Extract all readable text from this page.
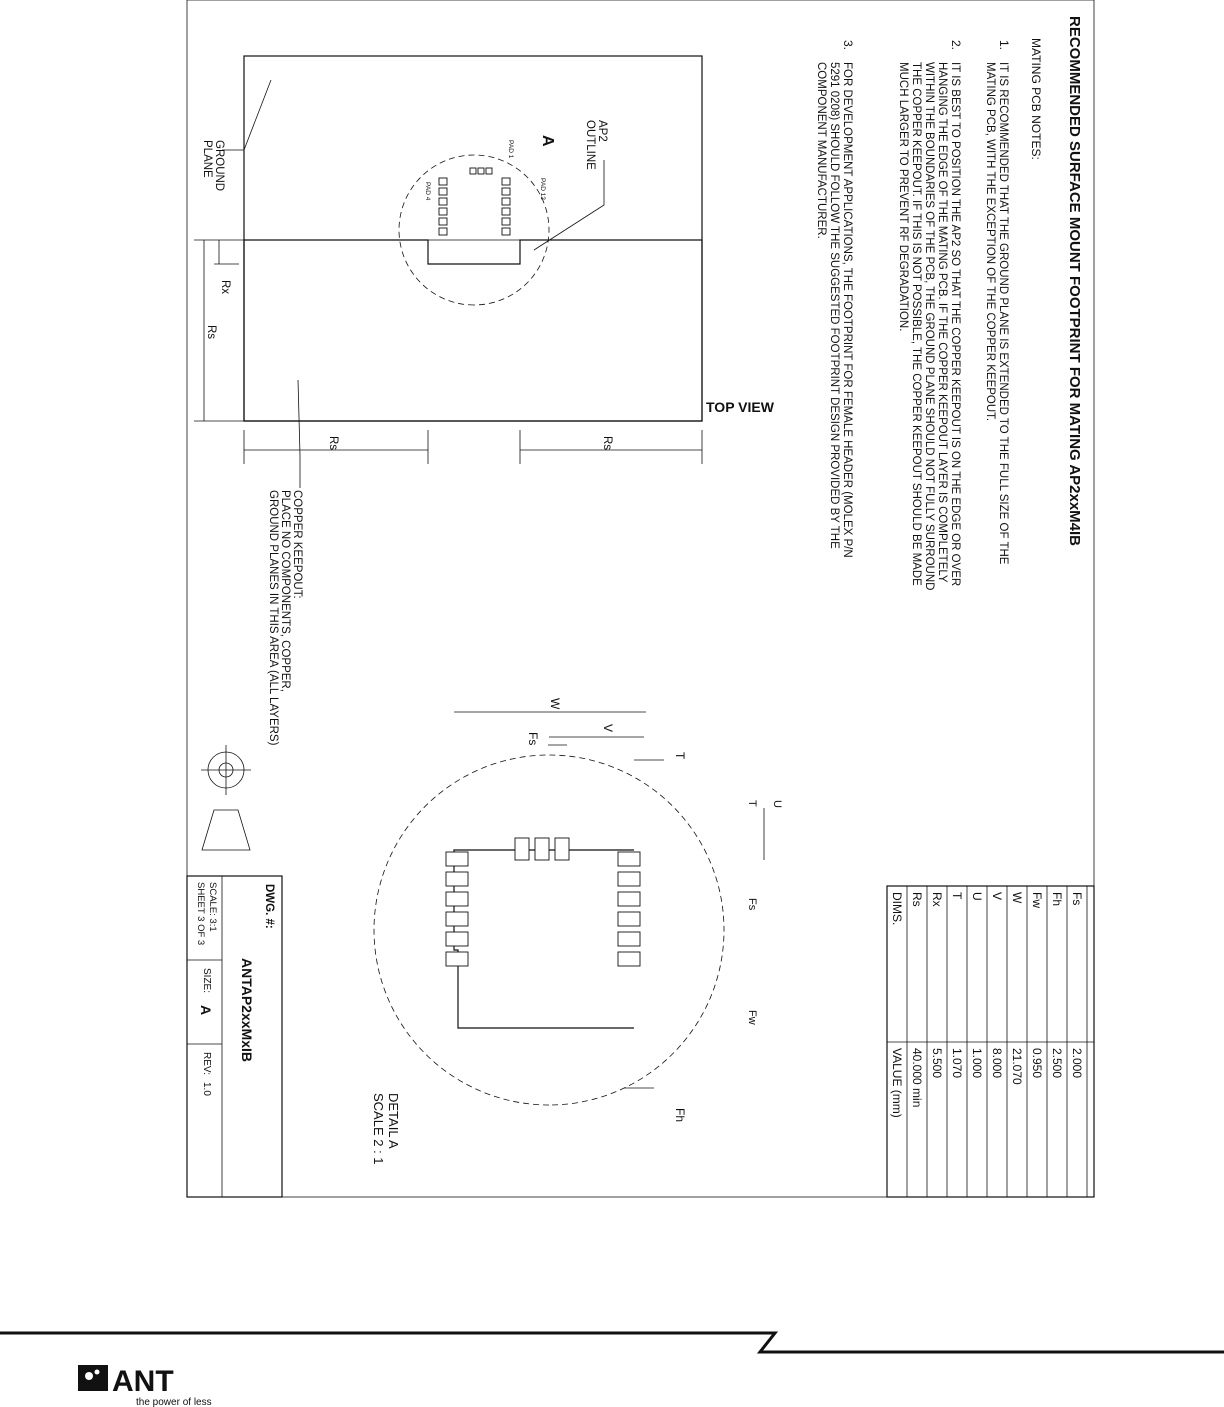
RECOMMENDED SURFACE MOUNT FOOTPRINT FOR MATING AP2xxM4IB
MATING PCB NOTES:
1.
IT IS RECOMMENDED THAT THE GROUND PLANE IS EXTENDED TO THE FULL SIZE OF THE
MATING PCB, WITH THE EXCEPTION OF THE COPPER KEEPOUT.
2.
IT IS BEST TO POSITION THE AP2 SO THAT THE COPPER KEEPOUT IS ON THE EDGE OR OVER
HANGING THE EDGE OF THE MATING PCB. IF THE COPPER KEEPOUT LAYER IS COMPLETELY
WITHIN THE BOUNDARIES OF THE PCB, THE GROUND PLANE SHOULD NOT FULLY SURROUND
THE COPPER KEEPOUT. IF THIS IS NOT POSSIBLE, THE COPPER KEEPOUT SHOULD BE MADE
MUCH LARGER TO PREVENT RF DEGRADATION.
3.
FOR DEVELOPMENT APPLICATIONS, THE FOOTPRINT FOR FEMALE HEADER (MOLEX P/N
5291 0208) SHOULD FOLLOW THE SUGGESTED FOOTPRINT DESIGN PROVIDED BY THE
COMPONENT MANUFACTURER.
A	AP2
OUTLINE
PAD 1
PAD 12
PAD 4
GROUND
PLANE
Rx
Rs
Rs
Rs
TOP VIEW
COPPER KEEPOUT:
PLACE NO COMPONENTS, COPPER,
GROUND PLANES IN THIS AREA (ALL LAYERS)	W
V
Fs
T
U
T
Fs
Fw
Fh
DETAIL A
SCALE 2 : 1
DIMS.
VALUE (mm)
Rs
40.000 min
Rx
5.500
T
1.070
U
1.000
V
8.000
W
21.070
Fw
0.950
Fh
2.500
Fs
2.000
DWG. #:
ANTAP2xxMxIB
SCALE: 3:1
SHEET 3 OF 3
SIZE:
A
REV:
1.0
ANT
the power of less
